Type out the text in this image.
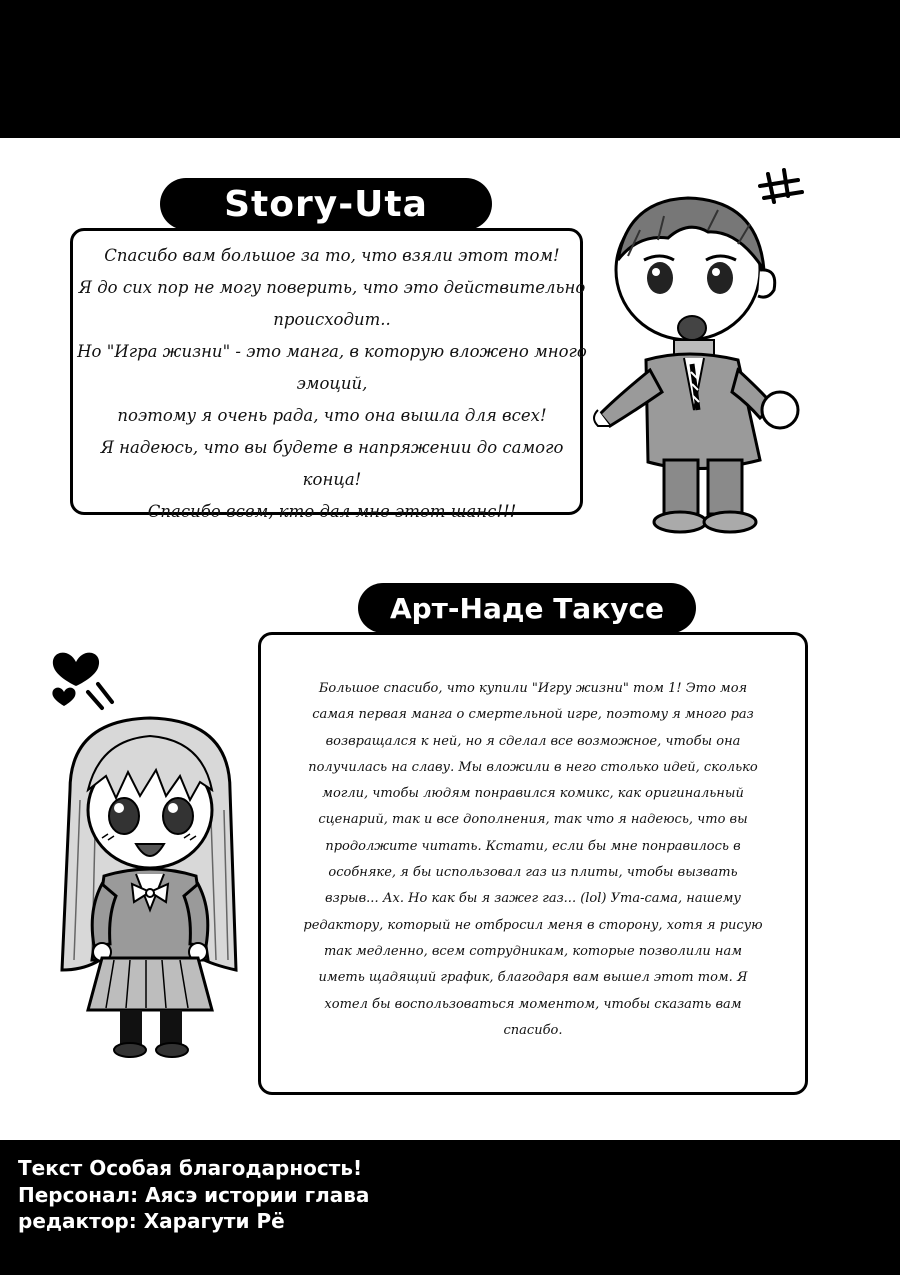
Story-Uta
Спасибо вам большое за то, что взяли этот том!
Я до сих пор не могу поверить, что это действительно
происходит..
Но "Игра жизни" - это манга, в которую вложено много
эмоций,
поэтому я очень рада, что она вышла для всех!
Я надеюсь, что вы будете в напряжении до самого
конца!
Спасибо всем, кто дал мне этот шанс!!!
Арт-Наде Такусе
Большое спасибо, что купили "Игру жизни" том 1! Это моя
самая первая манга о смертельной игре, поэтому я много раз
возвращался к ней, но я сделал все возможное, чтобы она
получилась на славу. Мы вложили в него столько идей, сколько
могли, чтобы людям понравился комикс, как оригинальный
сценарий, так и все дополнения, так что я надеюсь, что вы
продолжите читать. Кстати, если бы мне понравилось в
особняке, я бы использовал газ из плиты, чтобы вызвать
взрыв... Ах. Но как бы я зажег газ... (lol) Ута-сама, нашему
редактору, который не отбросил меня в сторону, хотя я рисую
так медленно, всем сотрудникам, которые позволили нам
иметь щадящий график, благодаря вам вышел этот том. Я
хотел бы воспользоваться моментом, чтобы сказать вам
спасибо.
Текст Особая благодарность!
Персонал: Аясэ истории глава
редактор: Харагути Рё
